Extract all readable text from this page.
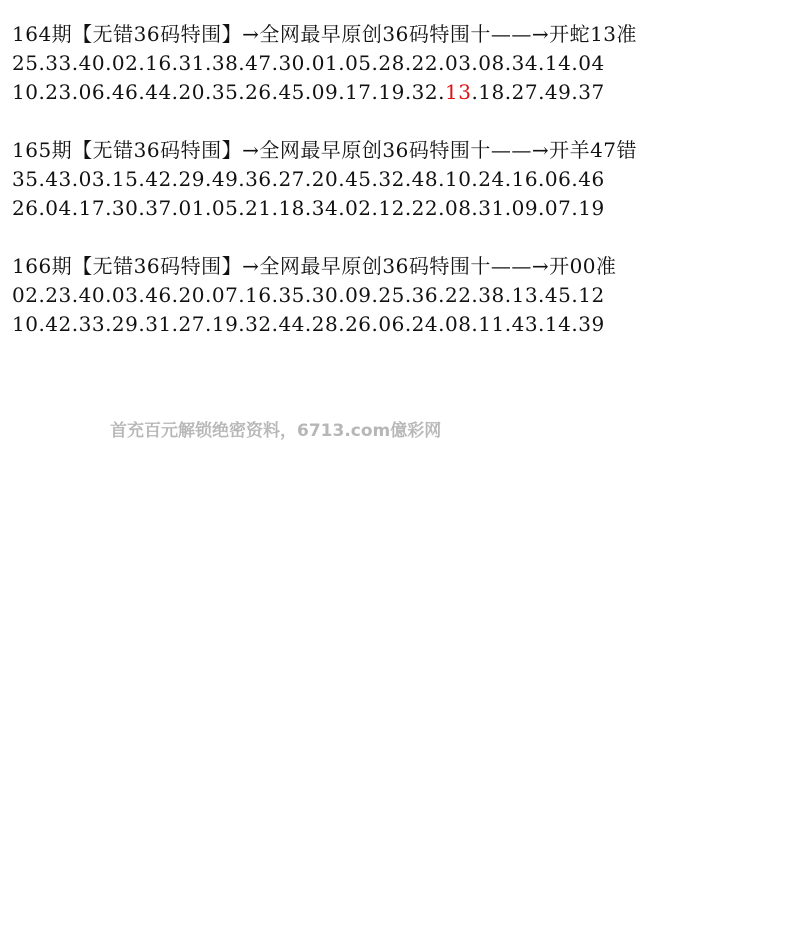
164期【无错36码特围】→全网最早原创36码特围十——→开蛇13准
25.33.40.02.16.31.38.47.30.01.05.28.22.03.08.34.14.04
10.23.06.46.44.20.35.26.45.09.17.19.32.13.18.27.49.37
165期【无错36码特围】→全网最早原创36码特围十——→开羊47错
35.43.03.15.42.29.49.36.27.20.45.32.48.10.24.16.06.46
26.04.17.30.37.01.05.21.18.34.02.12.22.08.31.09.07.19
166期【无错36码特围】→全网最早原创36码特围十——→开00准
02.23.40.03.46.20.07.16.35.30.09.25.36.22.38.13.45.12
10.42.33.29.31.27.19.32.44.28.26.06.24.08.11.43.14.39
首充百元解锁绝密资料，6713.com億彩网
